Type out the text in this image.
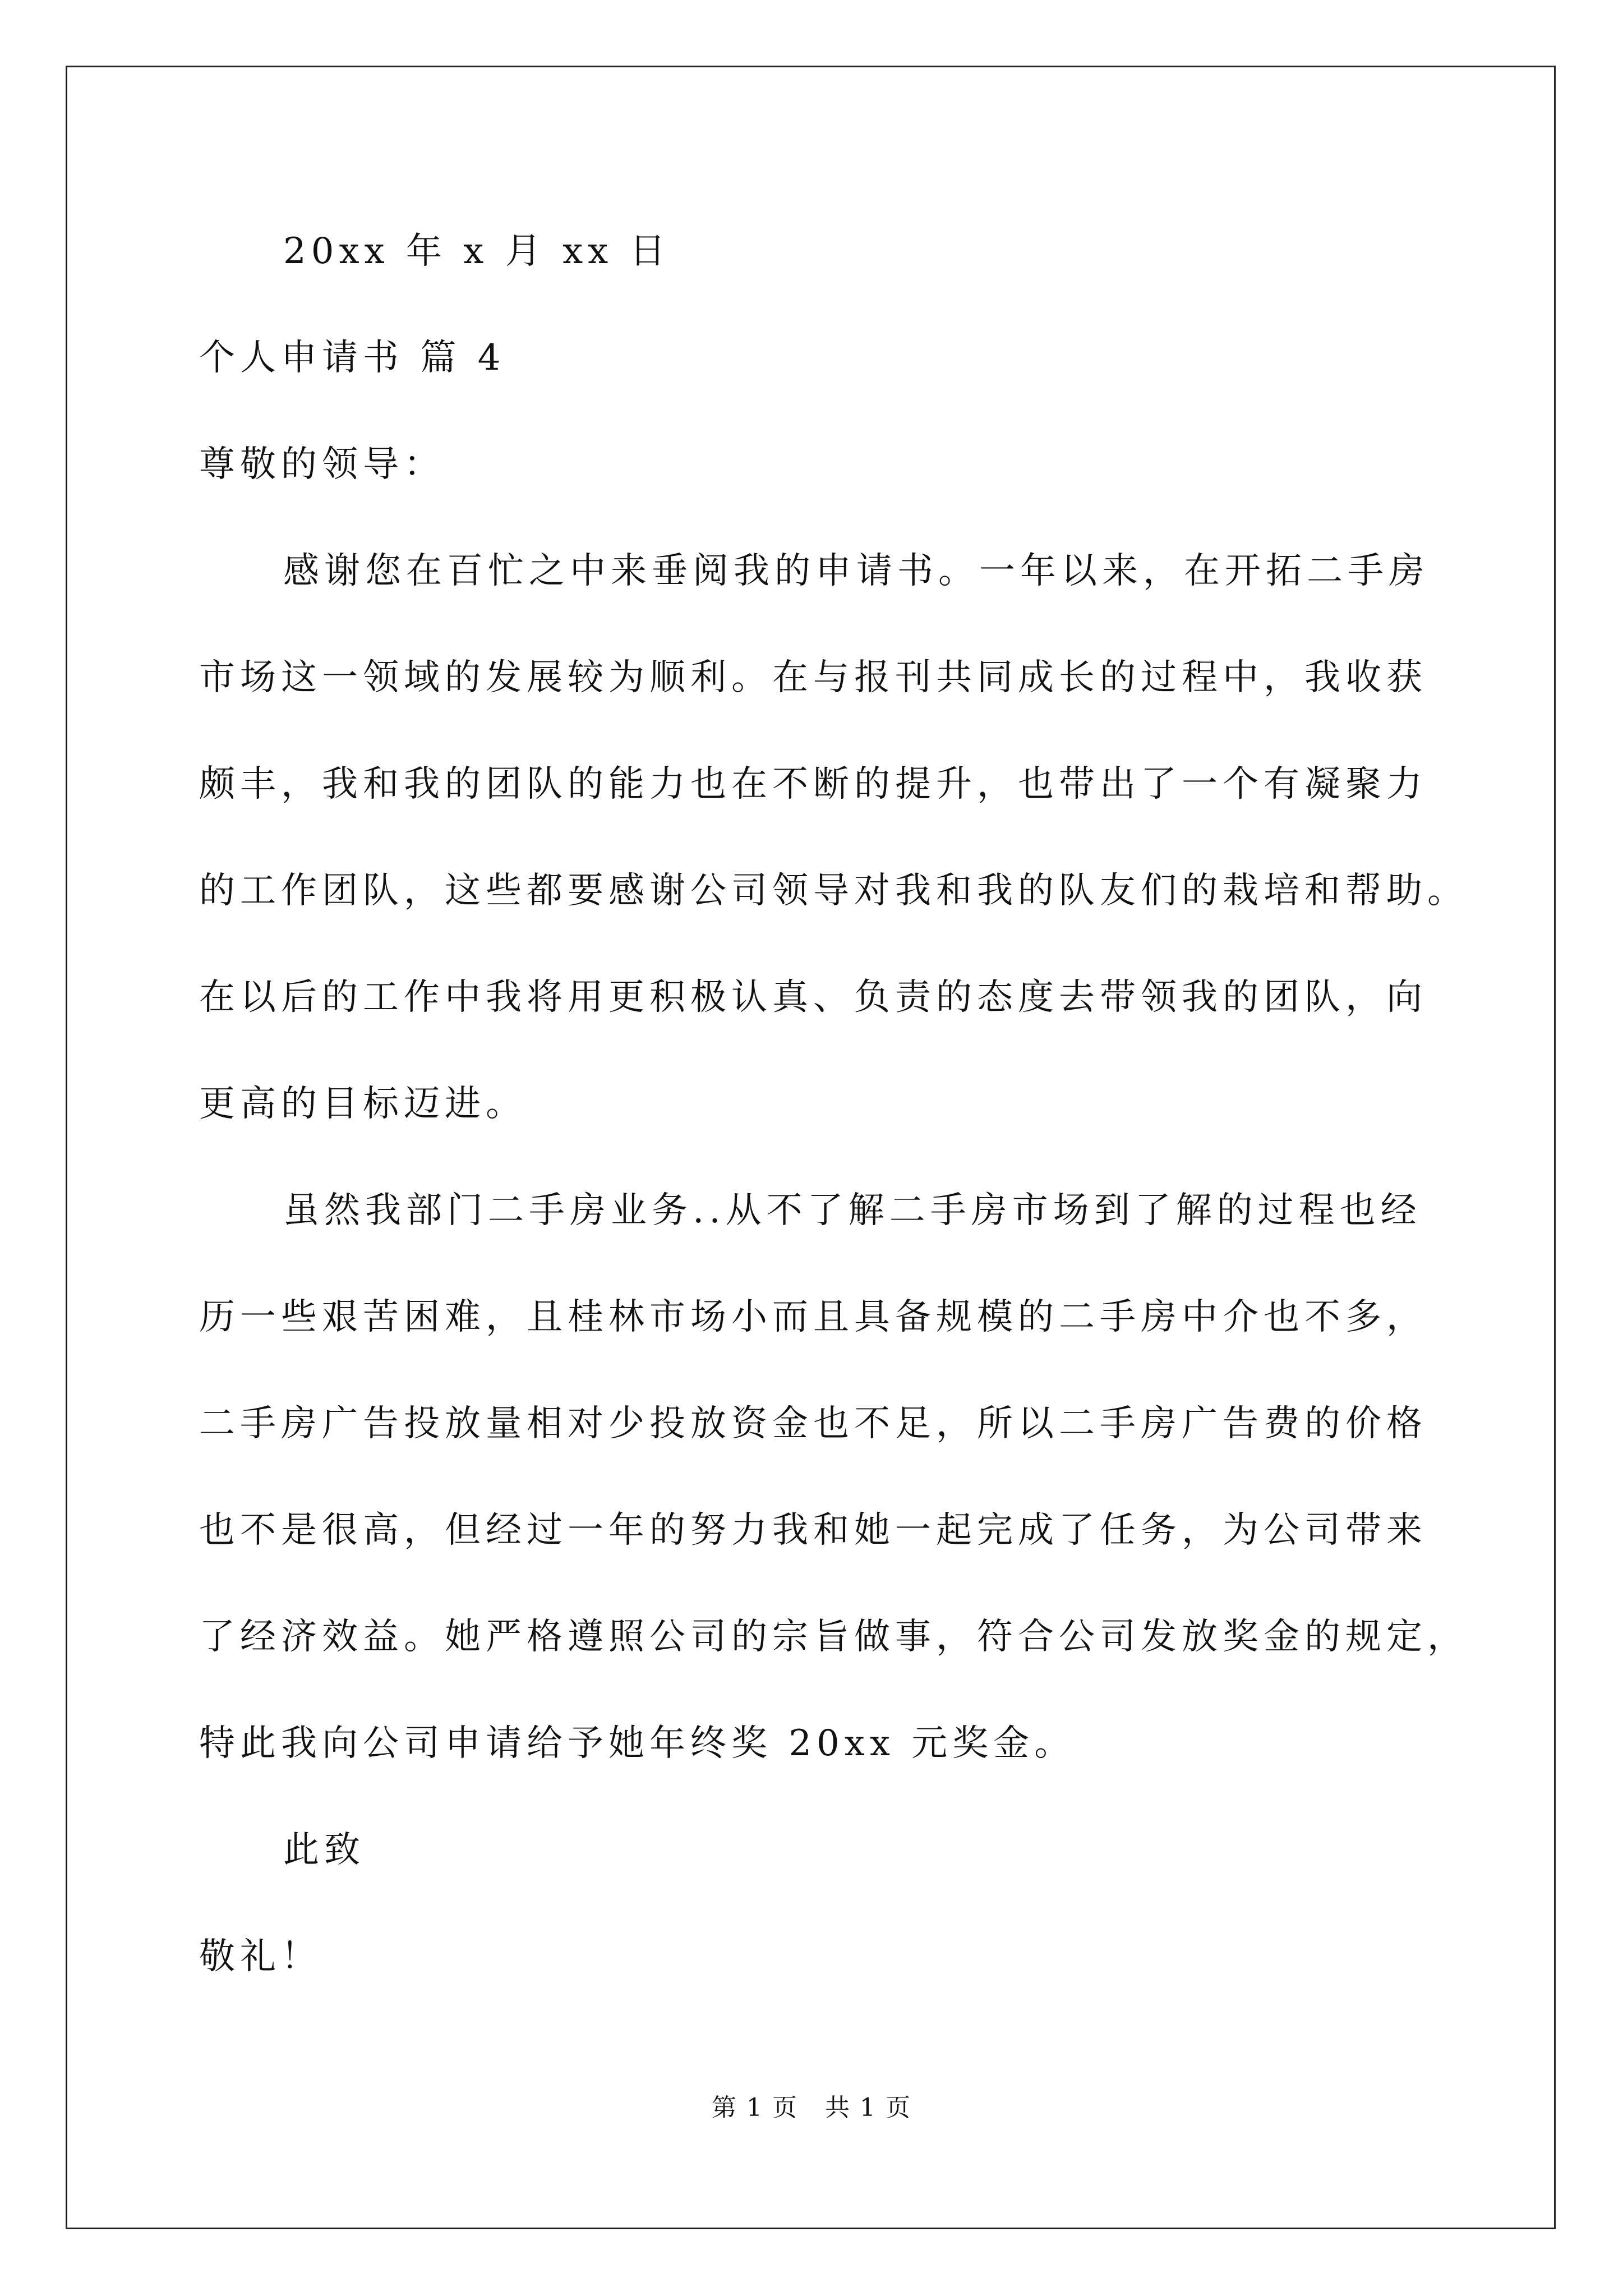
20xx 年 x 月 xx 日
个人申请书 篇 4
尊敬的领导：
感谢您在百忙之中来垂阅我的申请书。一年以来，在开拓二手房
市场这一领域的发展较为顺利。在与报刊共同成长的过程中，我收获
颇丰，我和我的团队的能力也在不断的提升，也带出了一个有凝聚力
的工作团队，这些都要感谢公司领导对我和我的队友们的栽培和帮助。
在以后的工作中我将用更积极认真、负责的态度去带领我的团队，向
更高的目标迈进。
虽然我部门二手房业务..从不了解二手房市场到了解的过程也经
历一些艰苦困难，且桂林市场小而且具备规模的二手房中介也不多，
二手房广告投放量相对少投放资金也不足，所以二手房广告费的价格
也不是很高，但经过一年的努力我和她一起完成了任务，为公司带来
了经济效益。她严格遵照公司的宗旨做事，符合公司发放奖金的规定，
特此我向公司申请给予她年终奖 20xx 元奖金。
此致
敬礼！
第 1 页   共 1 页
